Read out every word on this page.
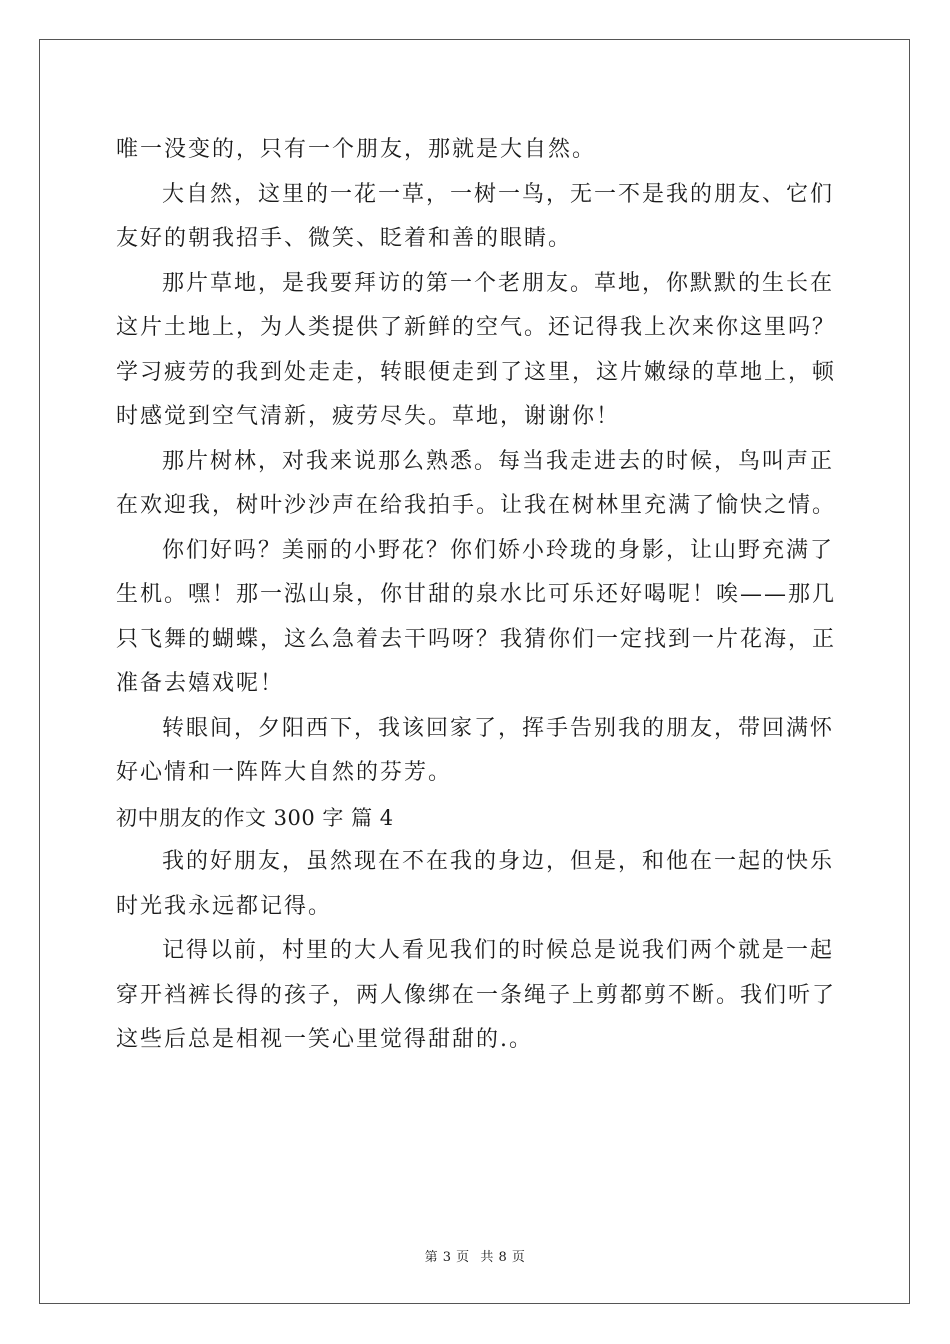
唯一没变的，只有一个朋友，那就是大自然。
大自然，这里的一花一草，一树一鸟，无一不是我的朋友、它们
友好的朝我招手、微笑、眨着和善的眼睛。
那片草地，是我要拜访的第一个老朋友。草地，你默默的生长在
这片土地上，为人类提供了新鲜的空气。还记得我上次来你这里吗？
学习疲劳的我到处走走，转眼便走到了这里，这片嫩绿的草地上，顿
时感觉到空气清新，疲劳尽失。草地，谢谢你！
那片树林，对我来说那么熟悉。每当我走进去的时候，鸟叫声正
在欢迎我，树叶沙沙声在给我拍手。让我在树林里充满了愉快之情。
你们好吗？美丽的小野花？你们娇小玲珑的身影，让山野充满了
生机。嘿！那一泓山泉，你甘甜的泉水比可乐还好喝呢！唉——那几
只飞舞的蝴蝶，这么急着去干吗呀？我猜你们一定找到一片花海，正
准备去嬉戏呢！
转眼间，夕阳西下，我该回家了，挥手告别我的朋友，带回满怀
好心情和一阵阵大自然的芬芳。
初中朋友的作文 300 字 篇 4
我的好朋友，虽然现在不在我的身边，但是，和他在一起的快乐
时光我永远都记得。
记得以前，村里的大人看见我们的时候总是说我们两个就是一起
穿开裆裤长得的孩子，两人像绑在一条绳子上剪都剪不断。我们听了
这些后总是相视一笑心里觉得甜甜的.。
第 3 页 共 8 页
